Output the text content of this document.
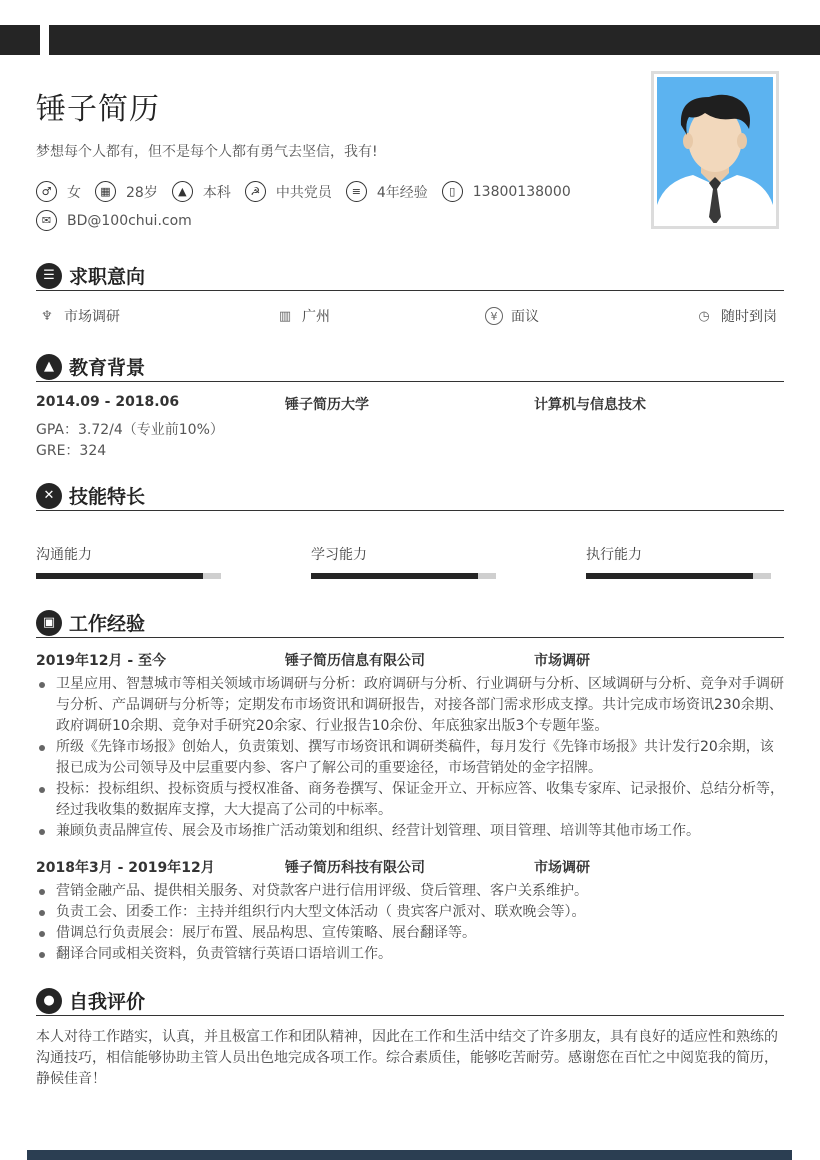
锤子简历
梦想每个人都有，但不是每个人都有勇气去坚信，我有!
♂	女	▦	28岁	▲	本科	☭	中共党员	≡	4年经验	▯	13800138000
✉	BD@100chui.com
☰ 求职意向
♆ 市场调研	▥ 广州	¥ 面议	◷ 随时到岗
▲ 教育背景
2014.09 - 2018.06	锤子简历大学	计算机与信息技术
GPA：3.72/4（专业前10%）
GRE：324
✕ 技能特长
沟通能力	学习能力	执行能力
▣ 工作经验
2019年12月 - 至今	锤子简历信息有限公司	市场调研
卫星应用、智慧城市等相关领域市场调研与分析：政府调研与分析、行业调研与分析、区域调研与分析、竞争对手调研与分析、产品调研与分析等；定期发布市场资讯和调研报告，对接各部门需求形成支撑。共计完成市场资讯230余期、政府调研10余期、竞争对手研究20余家、行业报告10余份、年底独家出版3个专题年鉴。
所级《先锋市场报》创始人，负责策划、撰写市场资讯和调研类稿件，每月发行《先锋市场报》共计发行20余期，该报已成为公司领导及中层重要内参、客户了解公司的重要途径，市场营销处的金字招牌。
投标：投标组织、投标资质与授权准备、商务卷撰写、保证金开立、开标应答、收集专家库、记录报价、总结分析等，经过我收集的数据库支撑，大大提高了公司的中标率。
兼顾负责品牌宣传、展会及市场推广活动策划和组织、经营计划管理、项目管理、培训等其他市场工作。
2018年3月 - 2019年12月	锤子简历科技有限公司	市场调研
营销金融产品、提供相关服务、对贷款客户进行信用评级、贷后管理、客户关系维护。
负责工会、团委工作：主持并组织行内大型文体活动（ 贵宾客户派对、联欢晚会等）。
借调总行负责展会：展厅布置、展品构思、宣传策略、展台翻译等。
翻译合同或相关资料，负责管辖行英语口语培训工作。
● 自我评价
本人对待工作踏实，认真，并且极富工作和团队精神，因此在工作和生活中结交了许多朋友，具有良好的适应性和熟练的沟通技巧，相信能够协助主管人员出色地完成各项工作。综合素质佳，能够吃苦耐劳。感谢您在百忙之中阅览我的简历，静候佳音！
